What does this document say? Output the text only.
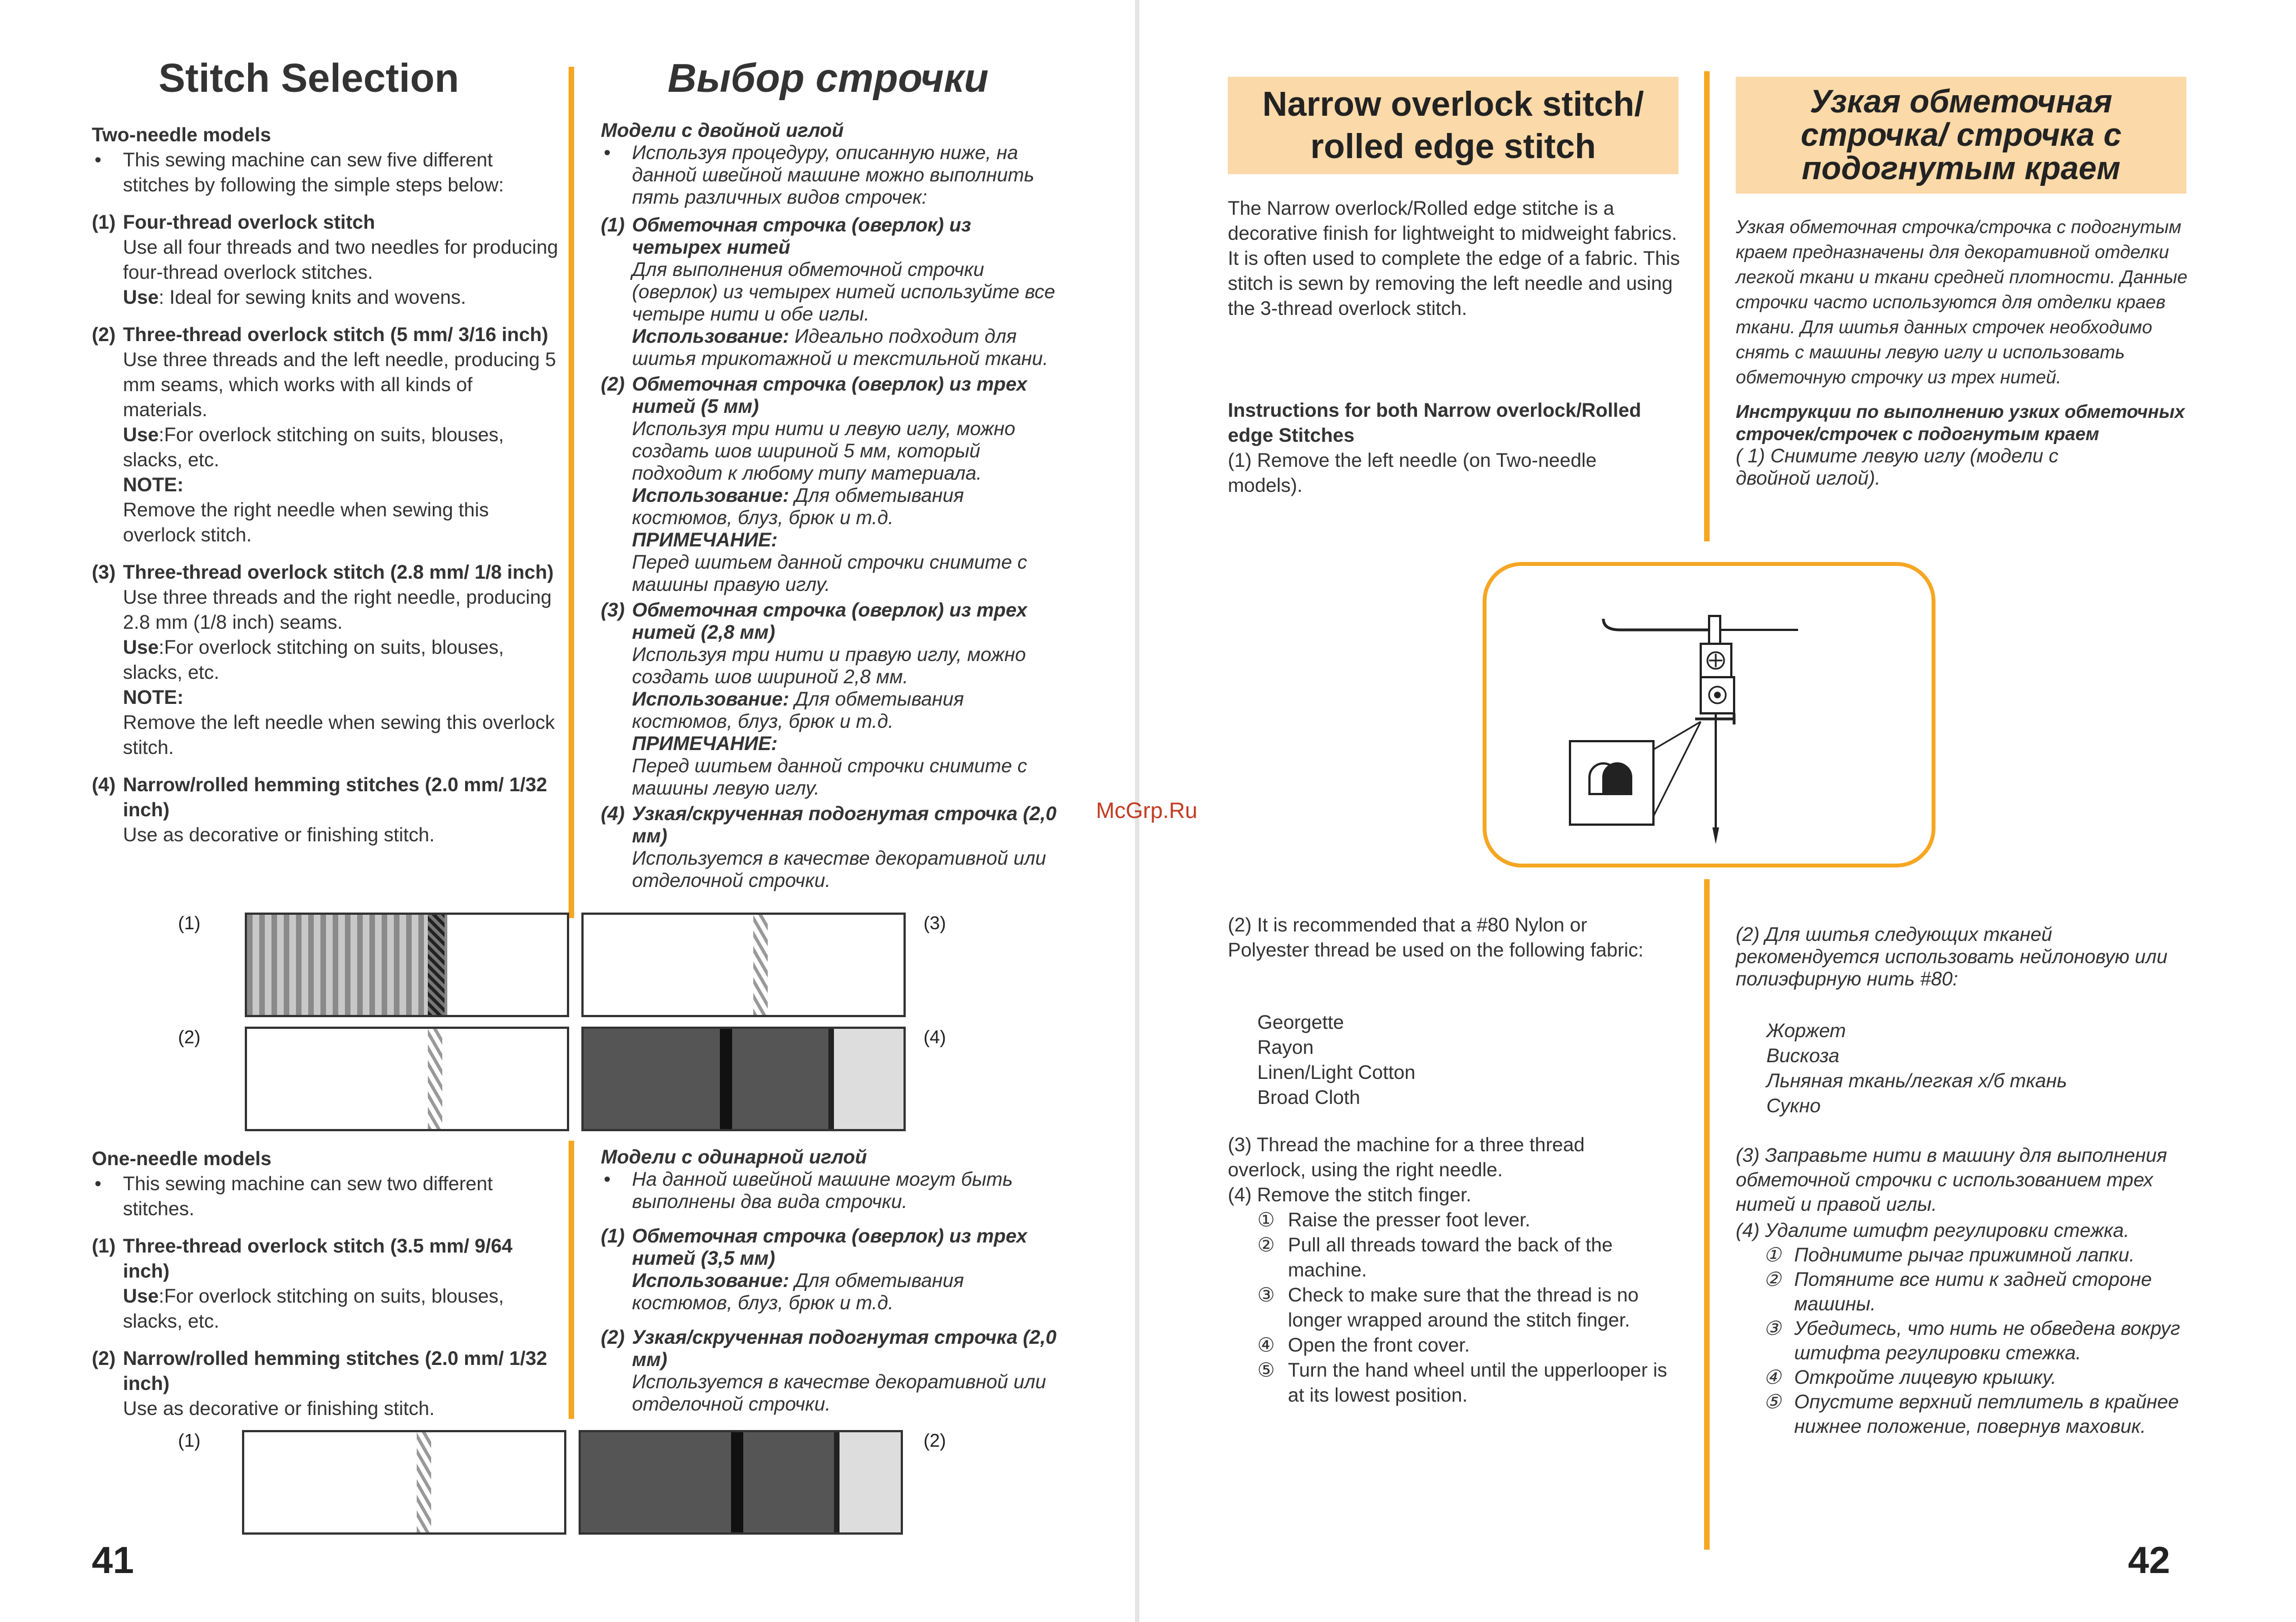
Stitch Selection	Выбор строчки
Two-needle models
• This sewing machine can sew five different stitches by following the simple steps below:
(1) Four-thread overlock stitch
Use all four threads and two needles for producing four-thread overlock stitches.
Use: Ideal for sewing knits and wovens.
(2) Three-thread overlock stitch (5 mm/ 3/16 inch)
Use three threads and the left needle, producing 5 mm seams, which works with all kinds of materials.
Use:For overlock stitching on suits, blouses, slacks, etc.
NOTE:
Remove the right needle when sewing this overlock stitch.
(3) Three-thread overlock stitch (2.8 mm/ 1/8 inch)
Use three threads and the right needle, producing 2.8 mm (1/8 inch) seams.
Use:For overlock stitching on suits, blouses, slacks, etc.
NOTE:
Remove the left needle when sewing this overlock stitch.
(4) Narrow/rolled hemming stitches (2.0 mm/ 1/32 inch)
Use as decorative or finishing stitch.
Модели с двойной иглой
• Используя процедуру, описанную ниже, на данной швейной машине можно выполнить пять различных видов строчек:
(1) Обметочная строчка (оверлок) из четырех нитей
Для выполнения обметочной строчки (оверлок) из четырех нитей используйте все четыре нити и обе иглы.
Использование: Идеально подходит для шитья трикотажной и текстильной ткани.
(2) Обметочная строчка (оверлок) из трех нитей (5 мм)
Используя три нити и левую иглу, можно создать шов шириной 5 мм, который подходит к любому типу материала.
Использование: Для обметывания костюмов, блуз, брюк и т.д.
ПРИМЕЧАНИЕ:
Перед шитьем данной строчки снимите с машины правую иглу.
(3) Обметочная строчка (оверлок) из трех нитей (2,8 мм)
Используя три нити и правую иглу, можно создать шов шириной 2,8 мм.
Использование: Для обметывания костюмов, блуз, брюк и т.д.
ПРИМЕЧАНИЕ:
Перед шитьем данной строчки снимите с машины левую иглу.
(4) Узкая/скрученная подогнутая строчка (2,0 мм)
Используется в качестве декоративной или отделочной строчки.
(1)	(3)
(2)	(4)
One-needle models
• This sewing machine can sew two different stitches.
(1) Three-thread overlock stitch (3.5 mm/ 9/64 inch)
Use:For overlock stitching on suits, blouses, slacks, etc.
(2) Narrow/rolled hemming stitches (2.0 mm/ 1/32 inch)
Use as decorative or finishing stitch.
Модели с одинарной иглой
• На данной швейной машине могут быть выполнены два вида строчки.
(1) Обметочная строчка (оверлок) из трех нитей (3,5 мм)
Использование: Для обметывания костюмов, блуз, брюк и т.д.
(2) Узкая/скрученная подогнутая строчка (2,0 мм)
Используется в качестве декоративной или отделочной строчки.
(1)	(2)
41
McGrp.Ru
Narrow overlock stitch/ rolled edge stitch
Узкая обметочная строчка/ строчка с подогнутым краем
The Narrow overlock/Rolled edge stitche is a decorative finish for lightweight to midweight fabrics. It is often used to complete the edge of a fabric. This stitch is sewn by removing the left needle and using the 3-thread overlock stitch.
Узкая обметочная строчка/строчка с подогнутым краем предназначены для декоративной отделки легкой ткани и ткани средней плотности. Данные строчки часто используются для отделки краев ткани. Для шитья данных строчек необходимо снять с машины левую иглу и использовать обметочную строчку из трех нитей.
Instructions for both Narrow overlock/Rolled edge Stitches
Инструкции по выполнению узких обметочных строчек/строчек с подогнутым краем
(1) Remove the left needle (on Two-needle models).
( 1) Снимите левую иглу (модели с двойной иглой).
(2) It is recommended that a #80 Nylon or Polyester thread be used on the following fabric:
Georgette
Rayon
Linen/Light Cotton
Broad Cloth
(2) Для шитья следующих тканей рекомендуется использовать нейлоновую или полиэфирную нить #80:
Жоржет
Вискоза
Льняная ткань/легкая х/б ткань
Сукно
(3) Thread the machine for a three thread overlock, using the right needle.
(4) Remove the stitch finger.
① Raise the presser foot lever.
② Pull all threads toward the back of the machine.
③ Check to make sure that the thread is no longer wrapped around the stitch finger.
④ Open the front cover.
⑤ Turn the hand wheel until the upperlooper is at its lowest position.
(3) Заправьте нити в машину для выполнения обметочной строчки с использованием трех нитей и правой иглы.
(4) Удалите штифт регулировки стежка.
① Поднимите рычаг прижимной лапки.
② Потяните все нити к задней стороне машины.
③ Убедитесь, что нить не обведена вокруг штифта регулировки стежка.
④ Откройте лицевую крышку.
⑤ Опустите верхний петлитель в крайнее нижнее положение, повернув маховик.
42
